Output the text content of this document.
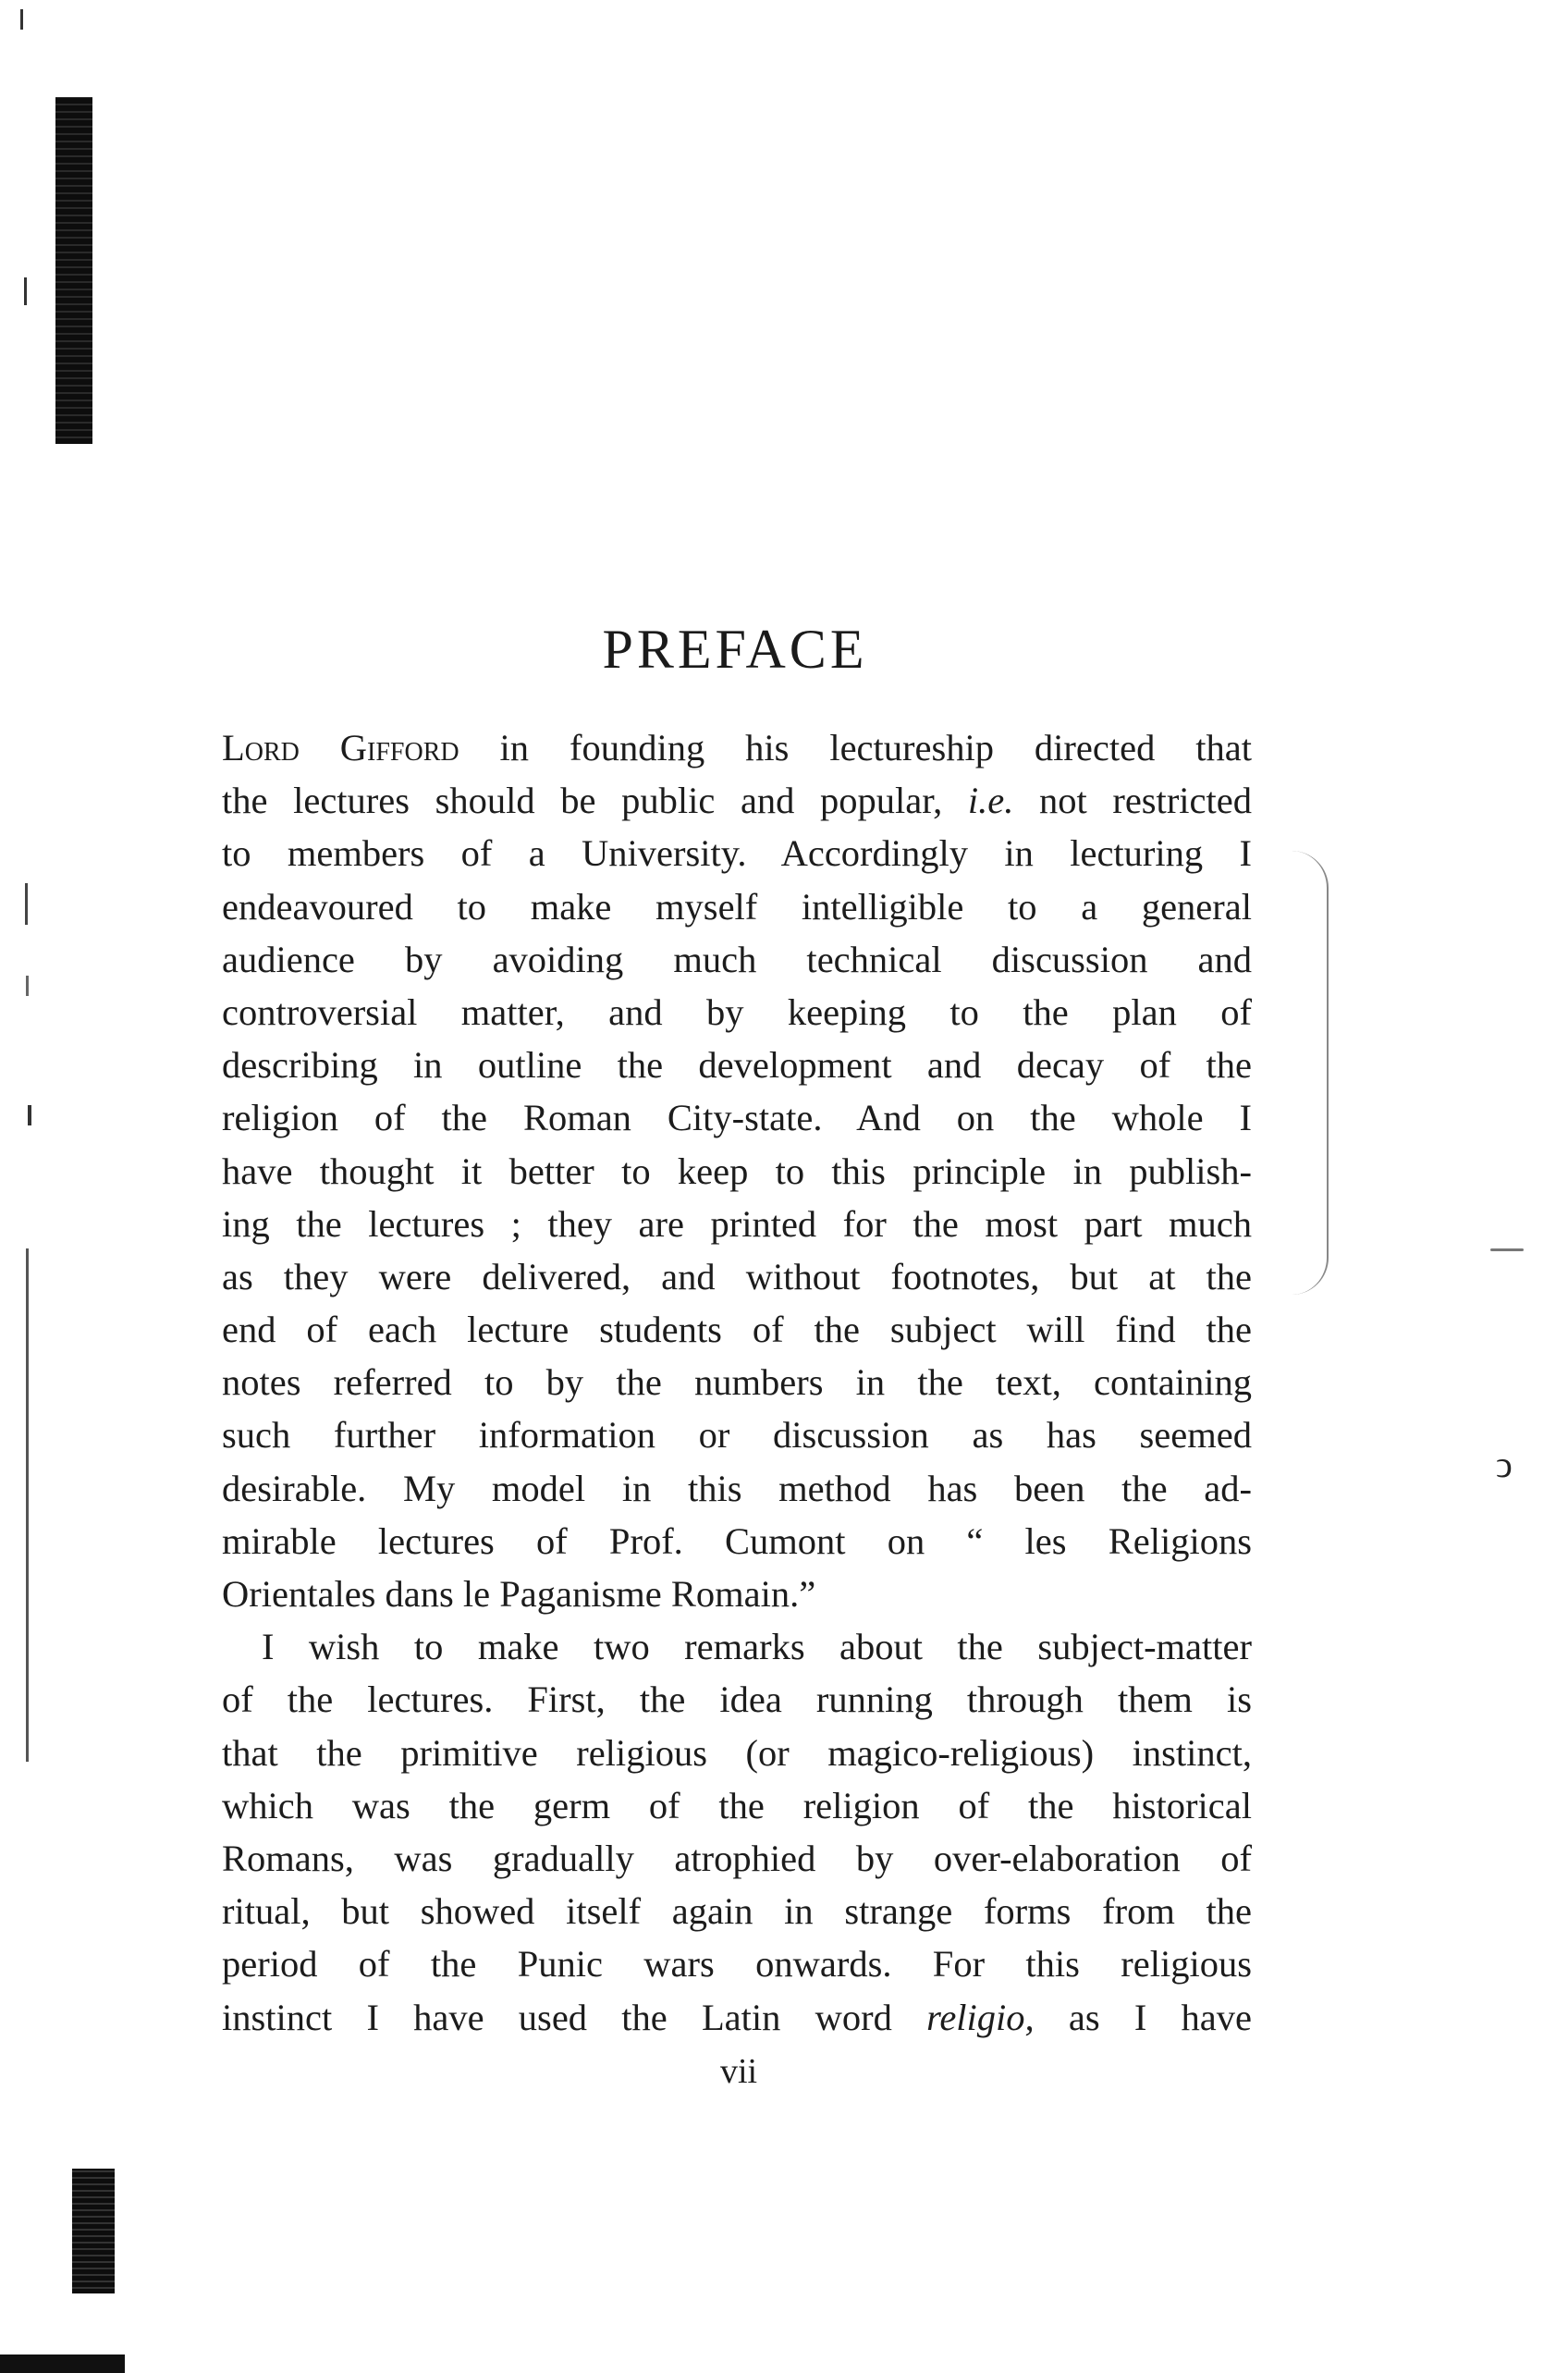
PREFACE
Lord Gifford in founding his lectureship directed that
the lectures should be public and popular, i.e. not restricted
to members of a University. Accordingly in lecturing I
endeavoured to make myself intelligible to a general
audience by avoiding much technical discussion and
controversial matter, and by keeping to the plan of
describing in outline the development and decay of the
religion of the Roman City-state. And on the whole I
have thought it better to keep to this principle in publish-
ing the lectures ; they are printed for the most part much
as they were delivered, and without footnotes, but at the
end of each lecture students of the subject will find the
notes referred to by the numbers in the text, containing
such further information or discussion as has seemed
desirable. My model in this method has been the ad-
mirable lectures of Prof. Cumont on “ les Religions
Orientales dans le Paganisme Romain.”
I wish to make two remarks about the subject-matter
of the lectures. First, the idea running through them is
that the primitive religious (or magico-religious) instinct,
which was the germ of the religion of the historical
Romans, was gradually atrophied by over-elaboration of
ritual, but showed itself again in strange forms from the
period of the Punic wars onwards. For this religious
instinct I have used the Latin word religio, as I have
vii
ↄ
